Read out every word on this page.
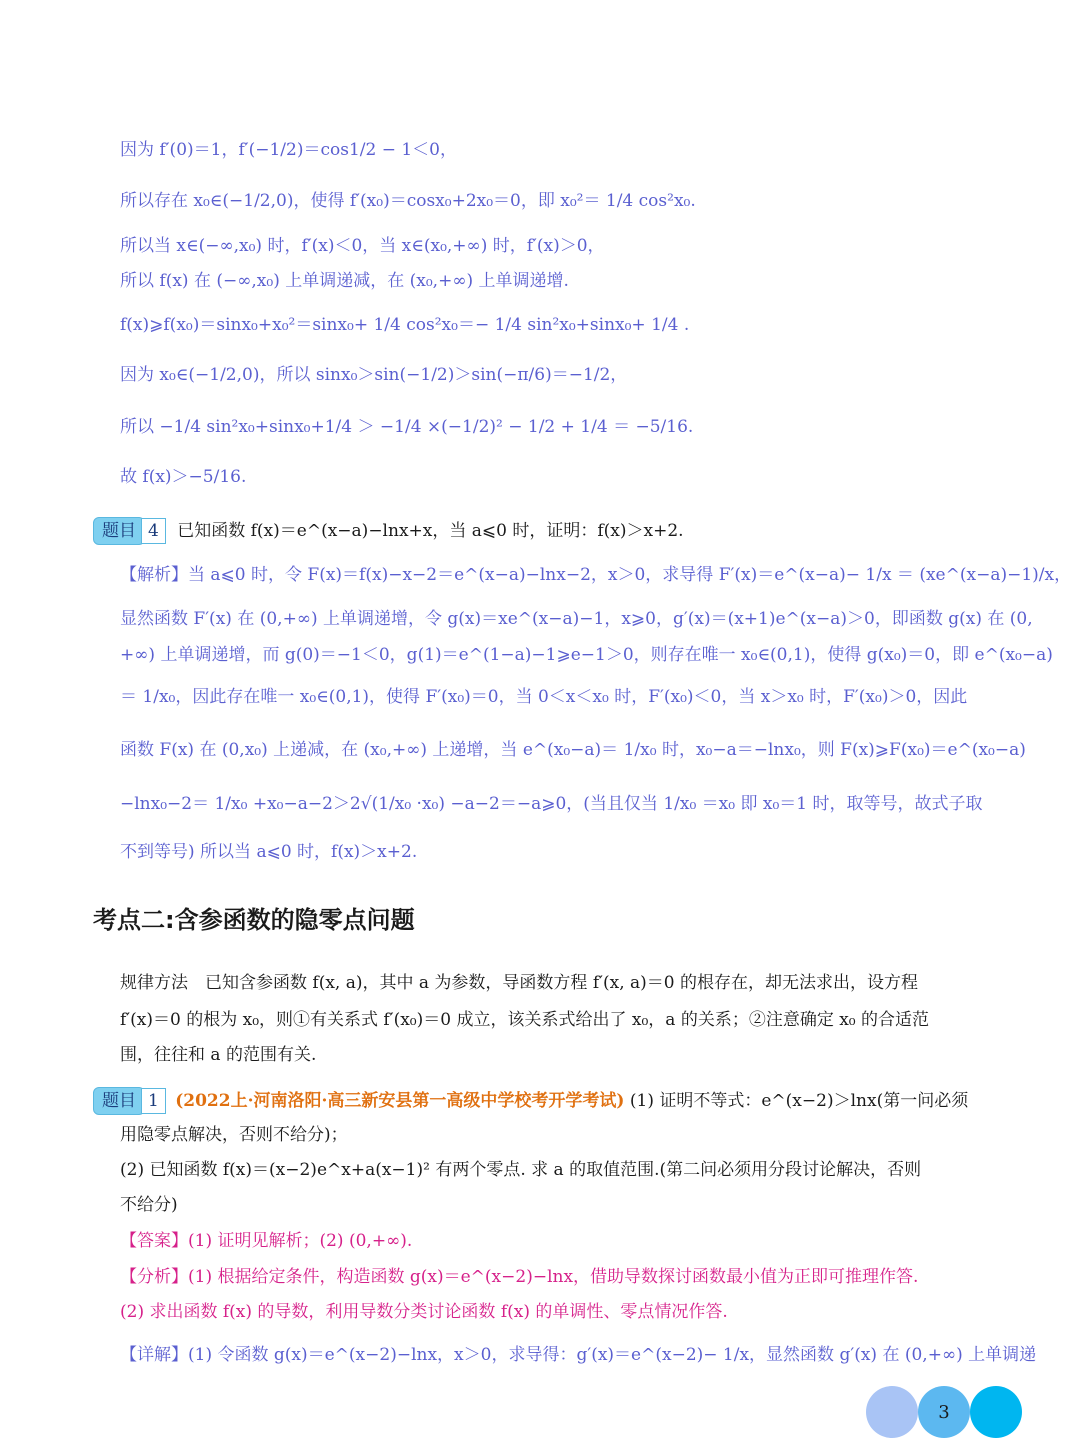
因为 f′(0)＝1，f′(−1/2)＝cos1/2 − 1＜0，
所以存在 x₀∈(−1/2,0)，使得 f′(x₀)＝cosx₀+2x₀＝0，即 x₀²＝ 1/4 cos²x₀.
所以当 x∈(−∞,x₀) 时，f′(x)＜0，当 x∈(x₀,+∞) 时，f′(x)＞0，
所以 f(x) 在 (−∞,x₀) 上单调递减，在 (x₀,+∞) 上单调递增.
f(x)⩾f(x₀)＝sinx₀+x₀²＝sinx₀+ 1/4 cos²x₀＝− 1/4 sin²x₀+sinx₀+ 1/4 .
因为 x₀∈(−1/2,0)，所以 sinx₀＞sin(−1/2)＞sin(−π/6)＝−1/2，
所以 −1/4 sin²x₀+sinx₀+1/4 ＞ −1/4 ×(−1/2)² − 1/2 + 1/4 ＝ −5/16.
故 f(x)＞−5/16.
题目 4 已知函数 f(x)＝e^(x−a)−lnx+x，当 a⩽0 时，证明：f(x)＞x+2.
【解析】当 a⩽0 时，令 F(x)＝f(x)−x−2＝e^(x−a)−lnx−2，x＞0，求导得 F′(x)＝e^(x−a)− 1/x ＝ (xe^(x−a)−1)/x，
显然函数 F′(x) 在 (0,+∞) 上单调递增，令 g(x)＝xe^(x−a)−1，x⩾0，g′(x)＝(x+1)e^(x−a)＞0，即函数 g(x) 在 (0,
+∞) 上单调递增，而 g(0)＝−1＜0，g(1)＝e^(1−a)−1⩾e−1＞0，则存在唯一 x₀∈(0,1)，使得 g(x₀)＝0，即 e^(x₀−a)
＝ 1/x₀，因此存在唯一 x₀∈(0,1)，使得 F′(x₀)＝0，当 0＜x＜x₀ 时，F′(x₀)＜0，当 x＞x₀ 时，F′(x₀)＞0，因此
函数 F(x) 在 (0,x₀) 上递减，在 (x₀,+∞) 上递增，当 e^(x₀−a)＝ 1/x₀ 时，x₀−a＝−lnx₀，则 F(x)⩾F(x₀)＝e^(x₀−a)
−lnx₀−2＝ 1/x₀ +x₀−a−2＞2√(1/x₀ ·x₀) −a−2＝−a⩾0，(当且仅当 1/x₀ ＝x₀ 即 x₀＝1 时，取等号，故式子取
不到等号) 所以当 a⩽0 时，f(x)＞x+2.
考点二:含参函数的隐零点问题
规律方法　已知含参函数 f(x, a)，其中 a 为参数，导函数方程 f′(x, a)＝0 的根存在，却无法求出，设方程
f′(x)＝0 的根为 x₀，则①有关系式 f′(x₀)＝0 成立，该关系式给出了 x₀，a 的关系；②注意确定 x₀ 的合适范
围，往往和 a 的范围有关.
题目 1 (2022上·河南洛阳·高三新安县第一高级中学校考开学考试) (1) 证明不等式：e^(x−2)＞lnx(第一问必须
用隐零点解决，否则不给分)；
(2) 已知函数 f(x)＝(x−2)e^x+a(x−1)² 有两个零点. 求 a 的取值范围.(第二问必须用分段讨论解决，否则
不给分)
【答案】(1) 证明见解析；(2) (0,+∞).
【分析】(1) 根据给定条件，构造函数 g(x)＝e^(x−2)−lnx，借助导数探讨函数最小值为正即可推理作答.
(2) 求出函数 f(x) 的导数，利用导数分类讨论函数 f(x) 的单调性、零点情况作答.
【详解】(1) 令函数 g(x)＝e^(x−2)−lnx，x＞0，求导得：g′(x)＝e^(x−2)− 1/x，显然函数 g′(x) 在 (0,+∞) 上单调递
3
